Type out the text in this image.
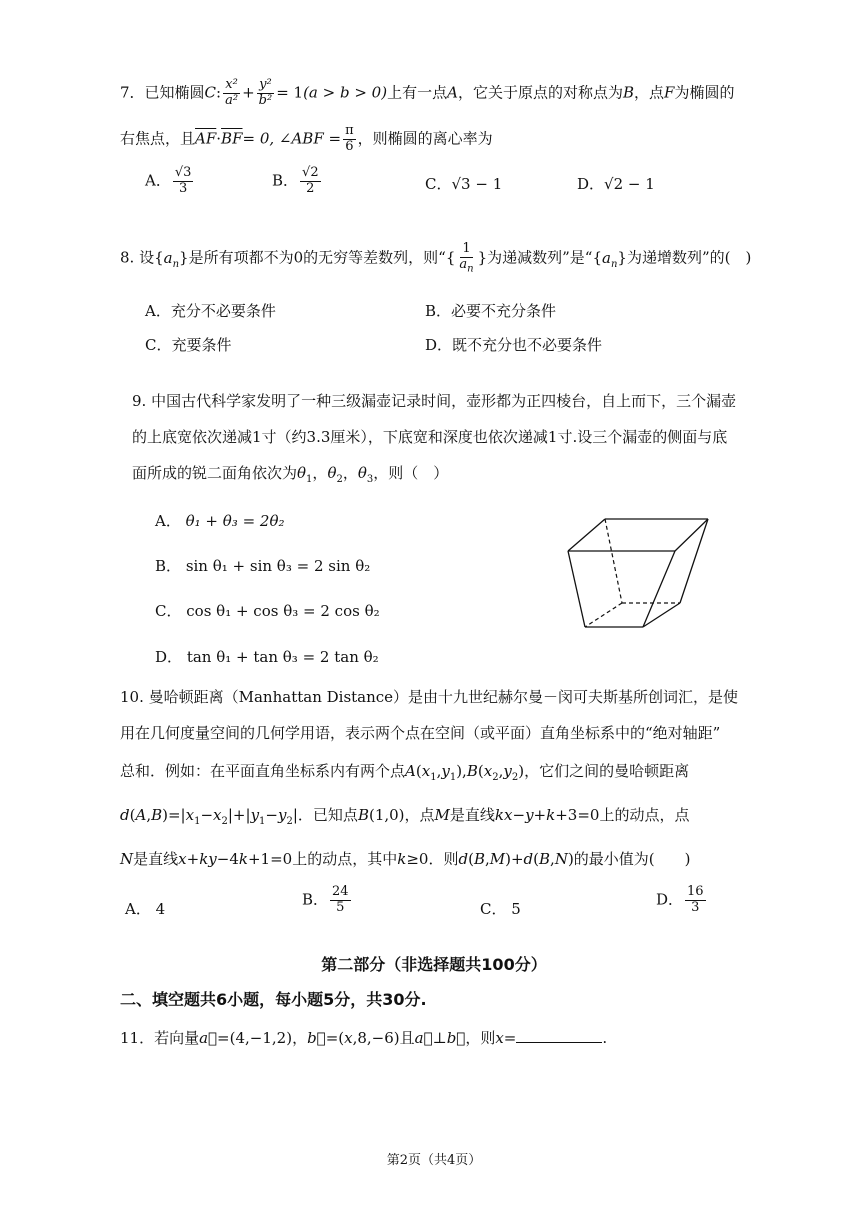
7．已知椭圆C: $\frac{\text{x²}}{\text{a²}} + \frac{\text{y²}}{\text{b²}} = 1(a > b > 0)$上有一点A，它关于原点的对称点为B，点F为椭圆的
右焦点，且$\overline{AF}\cdot\overline{BF}= 0$, ∠ABF = $\frac{\pi}{6}$ ，则椭圆的离心率为
A． $\frac{√3}{3}$	B． $\frac{√2}{2}$	C．√3 − 1	D．√2 − 1
8. 设$\{a_n\}$是所有项都不为0的无穷等差数列，则“{ $\frac{1}{a_n}$ }为递减数列”是“$\{a_n\}$为递增数列”的(　)
A．充分不必要条件	B．必要不充分条件
C．充要条件	D．既不充分也不必要条件
9. 中国古代科学家发明了一种三级漏壶记录时间，壶形都为正四棱台，自上而下，三个漏壶
的上底宽依次递减1寸（约3.3厘米），下底宽和深度也依次递减1寸.设三个漏壶的侧面与底
面所成的锐二面角依次为$\theta_1$，$\theta_2$，$\theta_3$，则（　）
A． θ₁ + θ₃ = 2θ₂
B． sin θ₁ + sin θ₃ = 2 sin θ₂
C． cos θ₁ + cos θ₃ = 2 cos θ₂
D． tan θ₁ + tan θ₃ = 2 tan θ₂
10. 曼哈顿距离（Manhattan Distance）是由十九世纪赫尔曼－闵可夫斯基所创词汇，是使
用在几何度量空间的几何学用语，表示两个点在空间（或平面）直角坐标系中的“绝对轴距”
总和．例如：在平面直角坐标系内有两个点$A(x_1,y_1),B(x_2,y_2)$，它们之间的曼哈顿距离
$d(A,B)=|x_1-x_2|+|y_1-y_2|$．已知点B(1,0)，点M是直线kx−y+k+3=0上的动点，点
N是直线x+ky−4k+1=0上的动点，其中k≥0．则d(B,M)+d(B,N)的最小值为(　　)
A． 4
B． $\frac{24}{5}$	C． 5
D． $\frac{16}{3}$
第二部分（非选择题共100分）
二、填空题共6小题，每小题5分，共30分.
11．若向量a⃗=(4,−1,2)，b⃗=(x,8,−6)且a⃗⊥b⃗，则x=	.
第2页（共4页）
